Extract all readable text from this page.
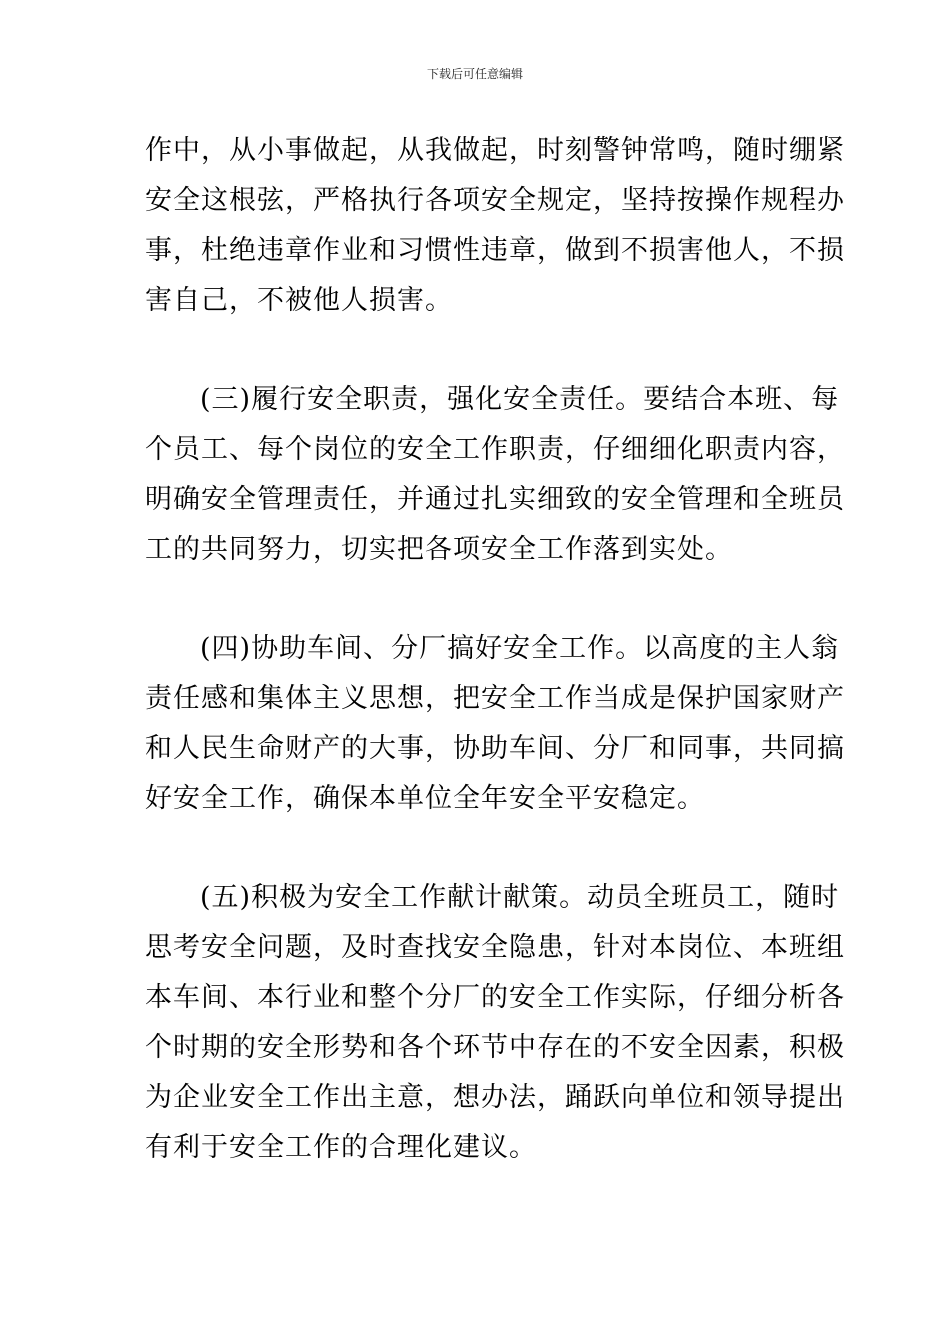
下载后可任意编辑
作中，从小事做起，从我做起，时刻警钟常鸣，随时绷紧
安全这根弦，严格执行各项安全规定，坚持按操作规程办
事，杜绝违章作业和习惯性违章，做到不损害他人，不损
害自己，不被他人损害。
(三)履行安全职责，强化安全责任。要结合本班、每
个员工、每个岗位的安全工作职责，仔细细化职责内容，
明确安全管理责任，并通过扎实细致的安全管理和全班员
工的共同努力，切实把各项安全工作落到实处。
(四)协助车间、分厂搞好安全工作。以高度的主人翁
责任感和集体主义思想，把安全工作当成是保护国家财产
和人民生命财产的大事，协助车间、分厂和同事，共同搞
好安全工作，确保本单位全年安全平安稳定。
(五)积极为安全工作献计献策。动员全班员工，随时
思考安全问题，及时查找安全隐患，针对本岗位、本班组
本车间、本行业和整个分厂的安全工作实际，仔细分析各
个时期的安全形势和各个环节中存在的不安全因素，积极
为企业安全工作出主意，想办法，踊跃向单位和领导提出
有利于安全工作的合理化建议。
